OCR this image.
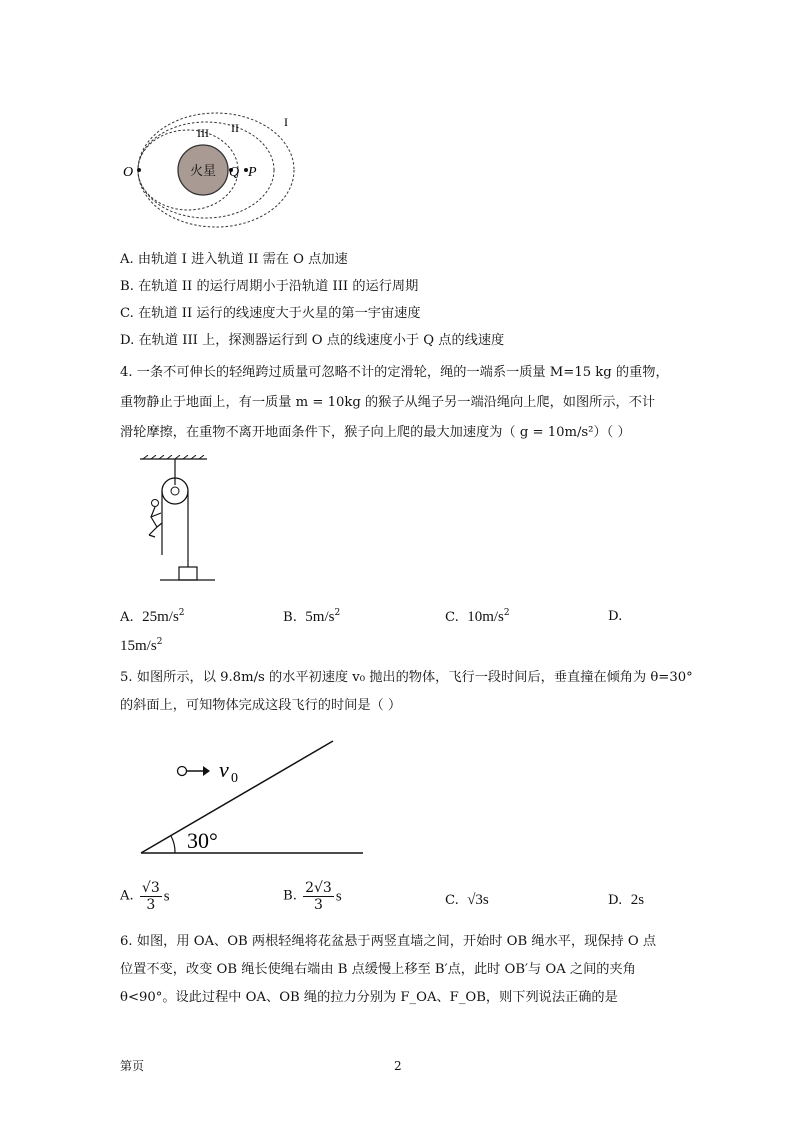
火星
O	Q P
I
II
III
A. 由轨道 I 进入轨道 II 需在 O 点加速
B. 在轨道 II 的运行周期小于沿轨道 III 的运行周期
C. 在轨道 II 运行的线速度大于火星的第一宇宙速度
D. 在轨道 III 上，探测器运行到 O 点的线速度小于 Q 点的线速度
4. 一条不可伸长的轻绳跨过质量可忽略不计的定滑轮，绳的一端系一质量 M=15 kg 的重物，
重物静止于地面上，有一质量 m = 10kg 的猴子从绳子另一端沿绳向上爬，如图所示，不计
滑轮摩擦，在重物不离开地面条件下，猴子向上爬的最大加速度为（ g = 10m/s²）（ ）
A. $25m/s^2$	B. $5m/s^2$	C. $10m/s^2$	D.
$15m/s^2$
5. 如图所示，以 9.8m/s 的水平初速度 v₀ 抛出的物体，飞行一段时间后，垂直撞在倾角为 θ=30°
的斜面上，可知物体完成这段飞行的时间是（ ）
30°
v 0
A. $\frac{√3}{3}$ s	B. $\frac{2√3}{3}$ s	C. √3s	D. 2s
6. 如图，用 OA、OB 两根轻绳将花盆悬于两竖直墙之间，开始时 OB 绳水平，现保持 O 点
位置不变，改变 OB 绳长使绳右端由 B 点缓慢上移至 B′点，此时 OB′与 OA 之间的夹角
θ<90°。设此过程中 OA、OB 绳的拉力分别为 F_OA、F_OB，则下列说法正确的是
第页	2
